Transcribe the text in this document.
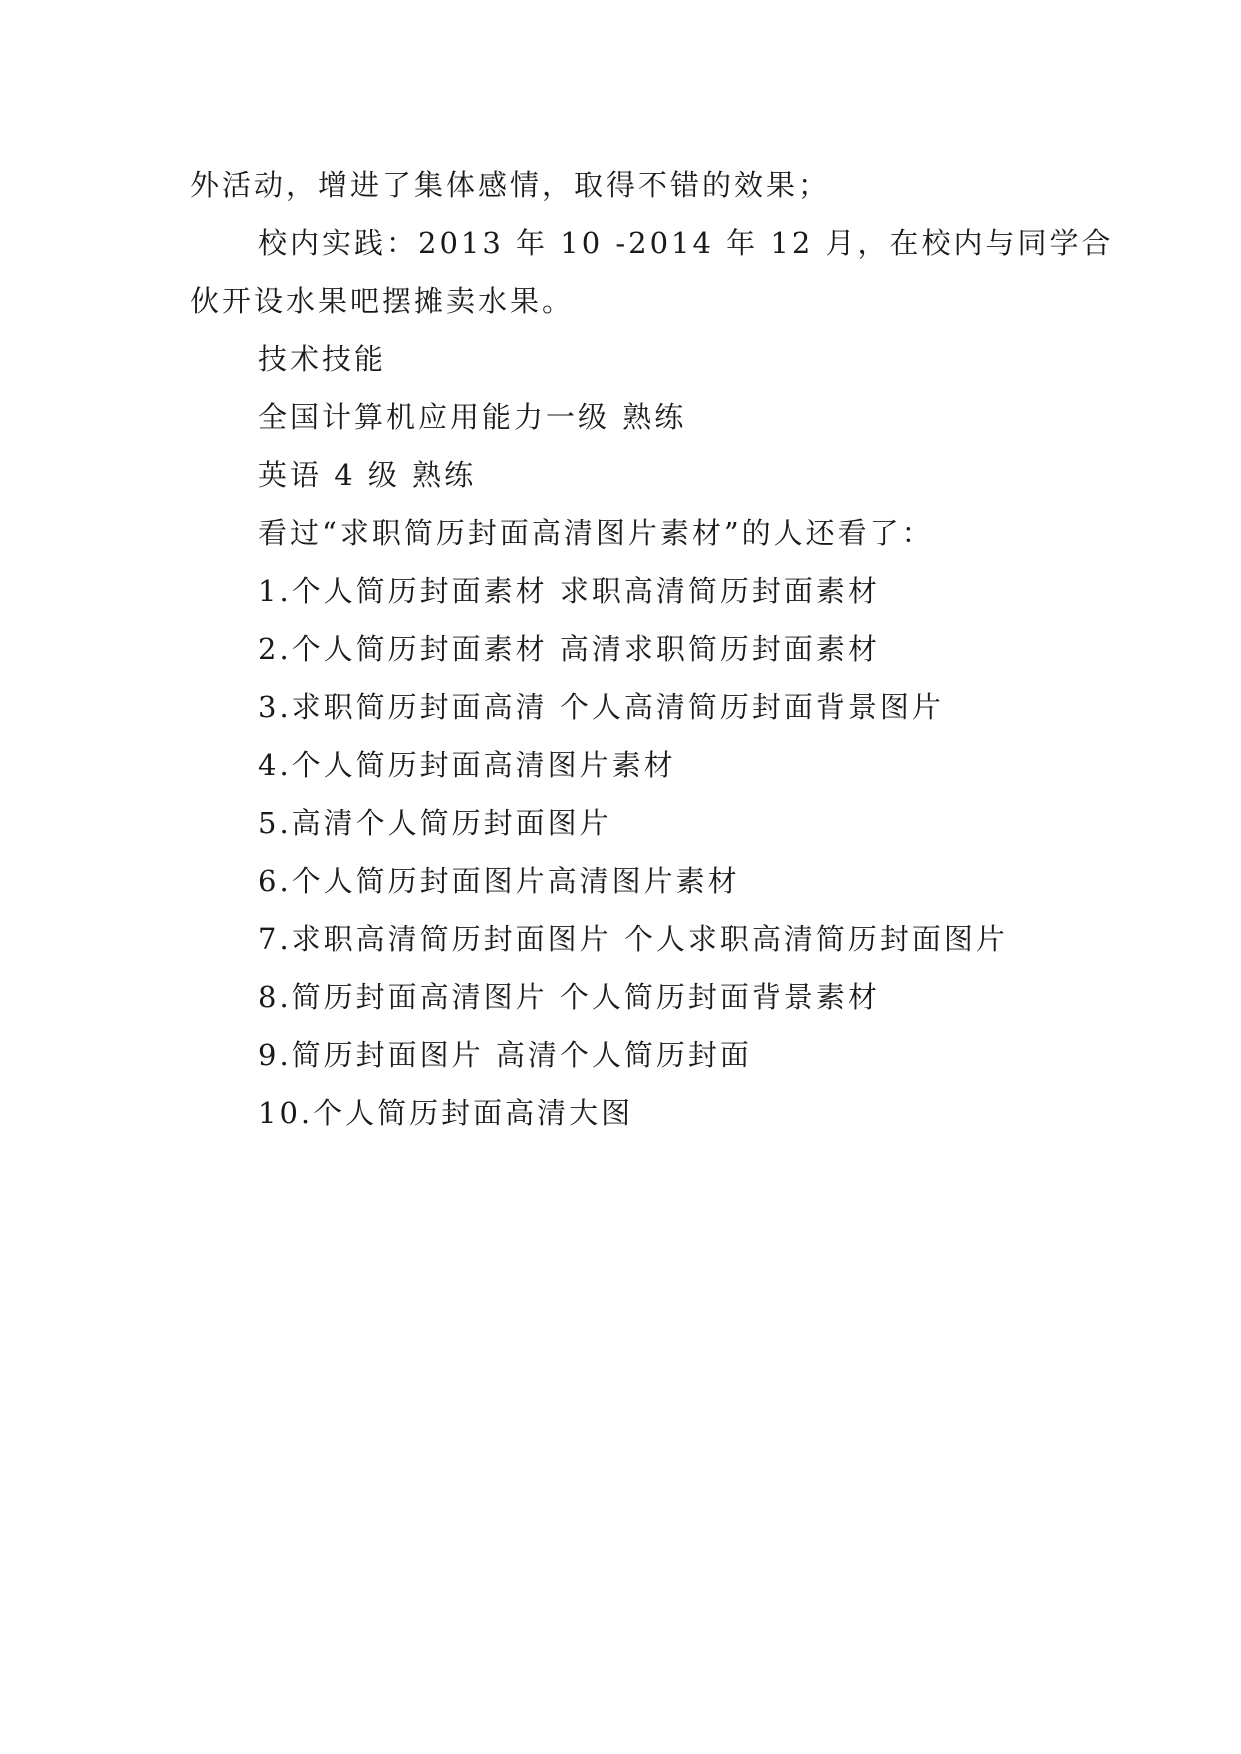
外活动，增进了集体感情，取得不错的效果；
校内实践：2013 年 10 -2014 年 12 月，在校内与同学合
伙开设水果吧摆摊卖水果。
技术技能
全国计算机应用能力一级 熟练
英语 4 级 熟练
看过“求职简历封面高清图片素材”的人还看了：
1.个人简历封面素材 求职高清简历封面素材
2.个人简历封面素材 高清求职简历封面素材
3.求职简历封面高清 个人高清简历封面背景图片
4.个人简历封面高清图片素材
5.高清个人简历封面图片
6.个人简历封面图片高清图片素材
7.求职高清简历封面图片 个人求职高清简历封面图片
8.简历封面高清图片 个人简历封面背景素材
9.简历封面图片 高清个人简历封面
10.个人简历封面高清大图
